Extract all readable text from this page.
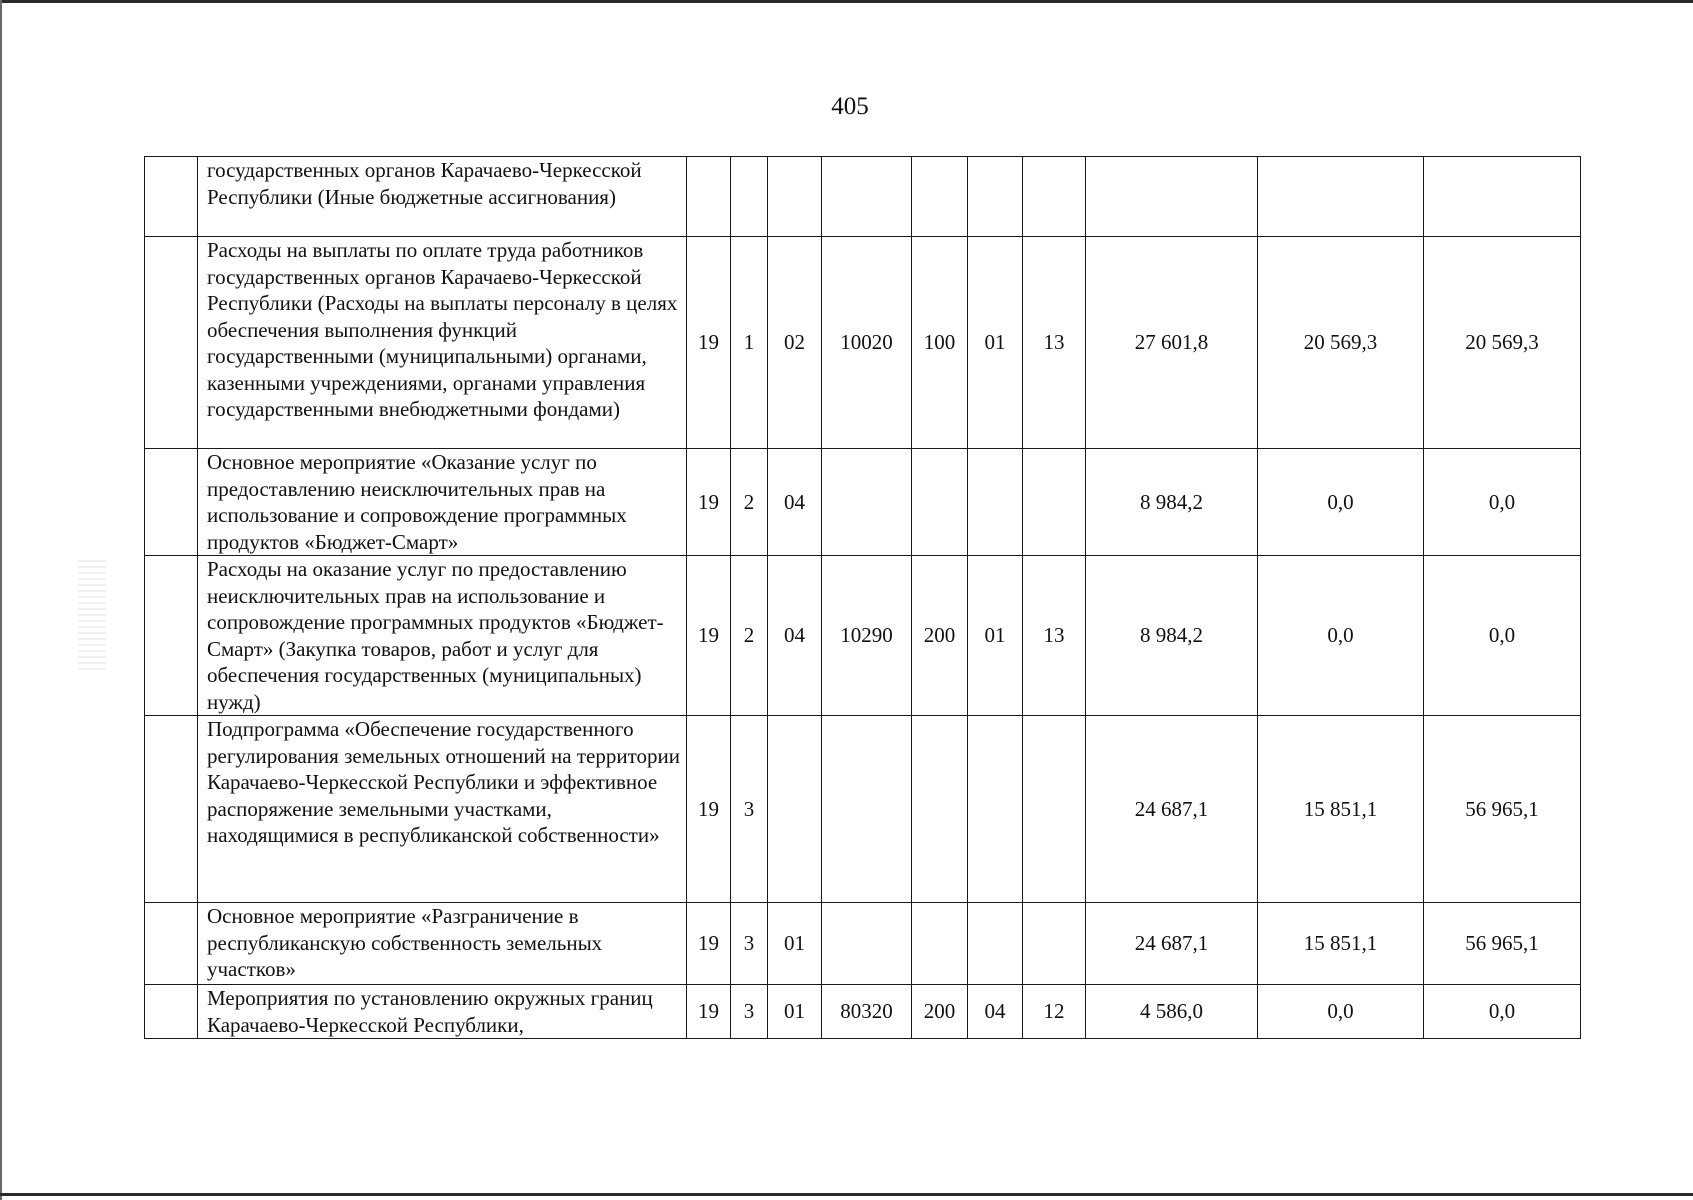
405
	государственных органов Карачаево-Черкесской Республики (Иные бюджетные ассигнования)										
	Расходы на выплаты по оплате труда работников государственных органов Карачаево-Черкесской Республики (Расходы на выплаты персоналу в целях обеспечения выполнения функций государственными (муниципальными) органами, казенными учреждениями, органами управления государственными внебюджетными фондами)	19	1	02	10020	100	01	13	27 601,8	20 569,3	20 569,3
	Основное мероприятие «Оказание услуг по предоставлению неисключительных прав на использование и сопровождение программных продуктов «Бюджет-Смарт»	19	2	04					8 984,2	0,0	0,0
	Расходы на оказание услуг по предоставлению неисключительных прав на использование и сопровождение программных продуктов «Бюджет-Смарт» (Закупка товаров, работ и услуг для обеспечения государственных (муниципальных) нужд)	19	2	04	10290	200	01	13	8 984,2	0,0	0,0
	Подпрограмма «Обеспечение государственного регулирования земельных отношений на территории Карачаево-Черкесской Республики и эффективное распоряжение земельными участками, находящимися в республиканской собственности»	19	3						24 687,1	15 851,1	56 965,1
	Основное мероприятие «Разграничение в республиканскую собственность земельных участков»	19	3	01					24 687,1	15 851,1	56 965,1
	Мероприятия по установлению окружных границ Карачаево-Черкесской Республики,	19	3	01	80320	200	04	12	4 586,0	0,0	0,0
